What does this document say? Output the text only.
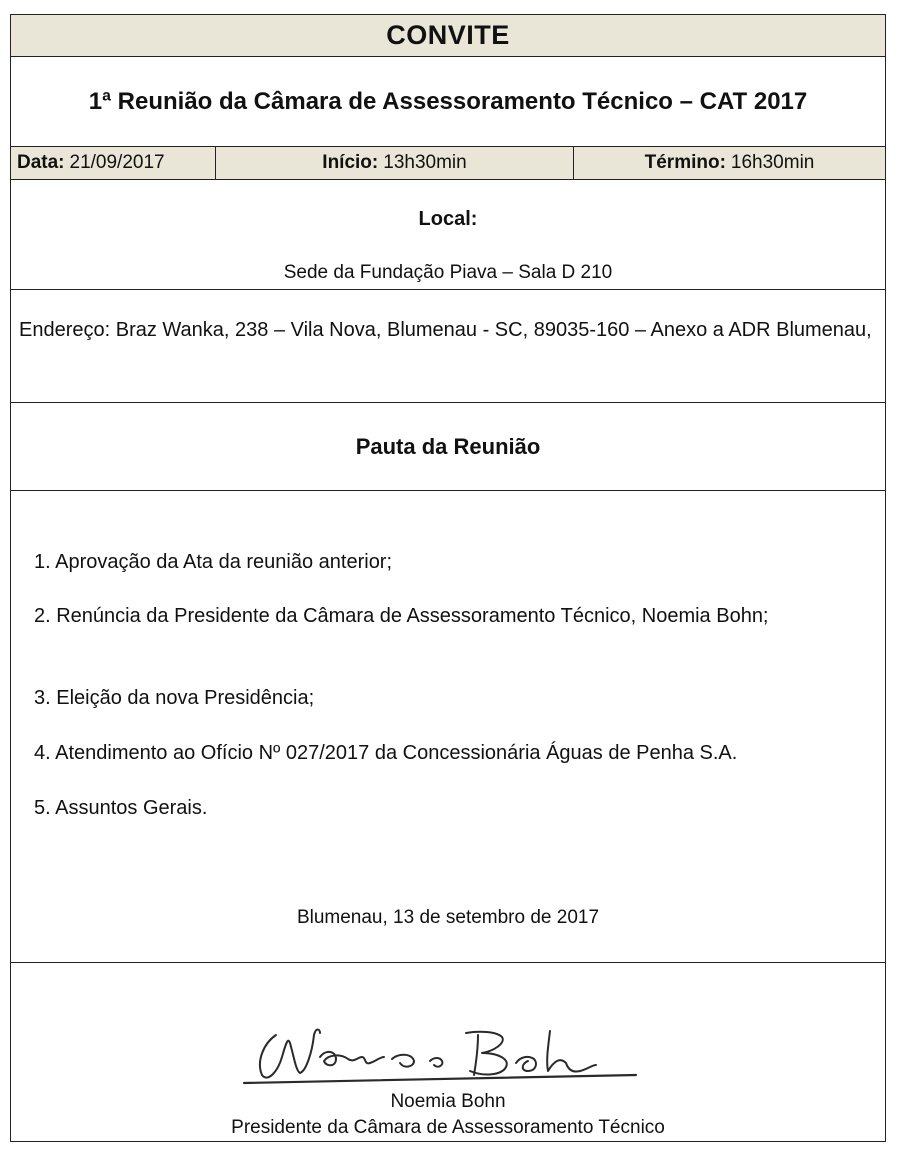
CONVITE
1ª Reunião da Câmara de Assessoramento Técnico – CAT 2017
Data: 21/09/2017	Início: 13h30min	Término: 16h30min
Local:
Sede da Fundação Piava – Sala D 210
Endereço: Braz Wanka, 238 – Vila Nova, Blumenau - SC, 89035-160 – Anexo a ADR Blumenau,
Pauta da Reunião
1. Aprovação da Ata da reunião anterior;
2. Renúncia da Presidente da Câmara de Assessoramento Técnico, Noemia Bohn;
3. Eleição da nova Presidência;
4. Atendimento ao Ofício Nº 027/2017 da Concessionária Águas de Penha S.A.
5. Assuntos Gerais.
Blumenau, 13 de setembro de 2017
Noemia Bohn
Presidente da Câmara de Assessoramento Técnico
